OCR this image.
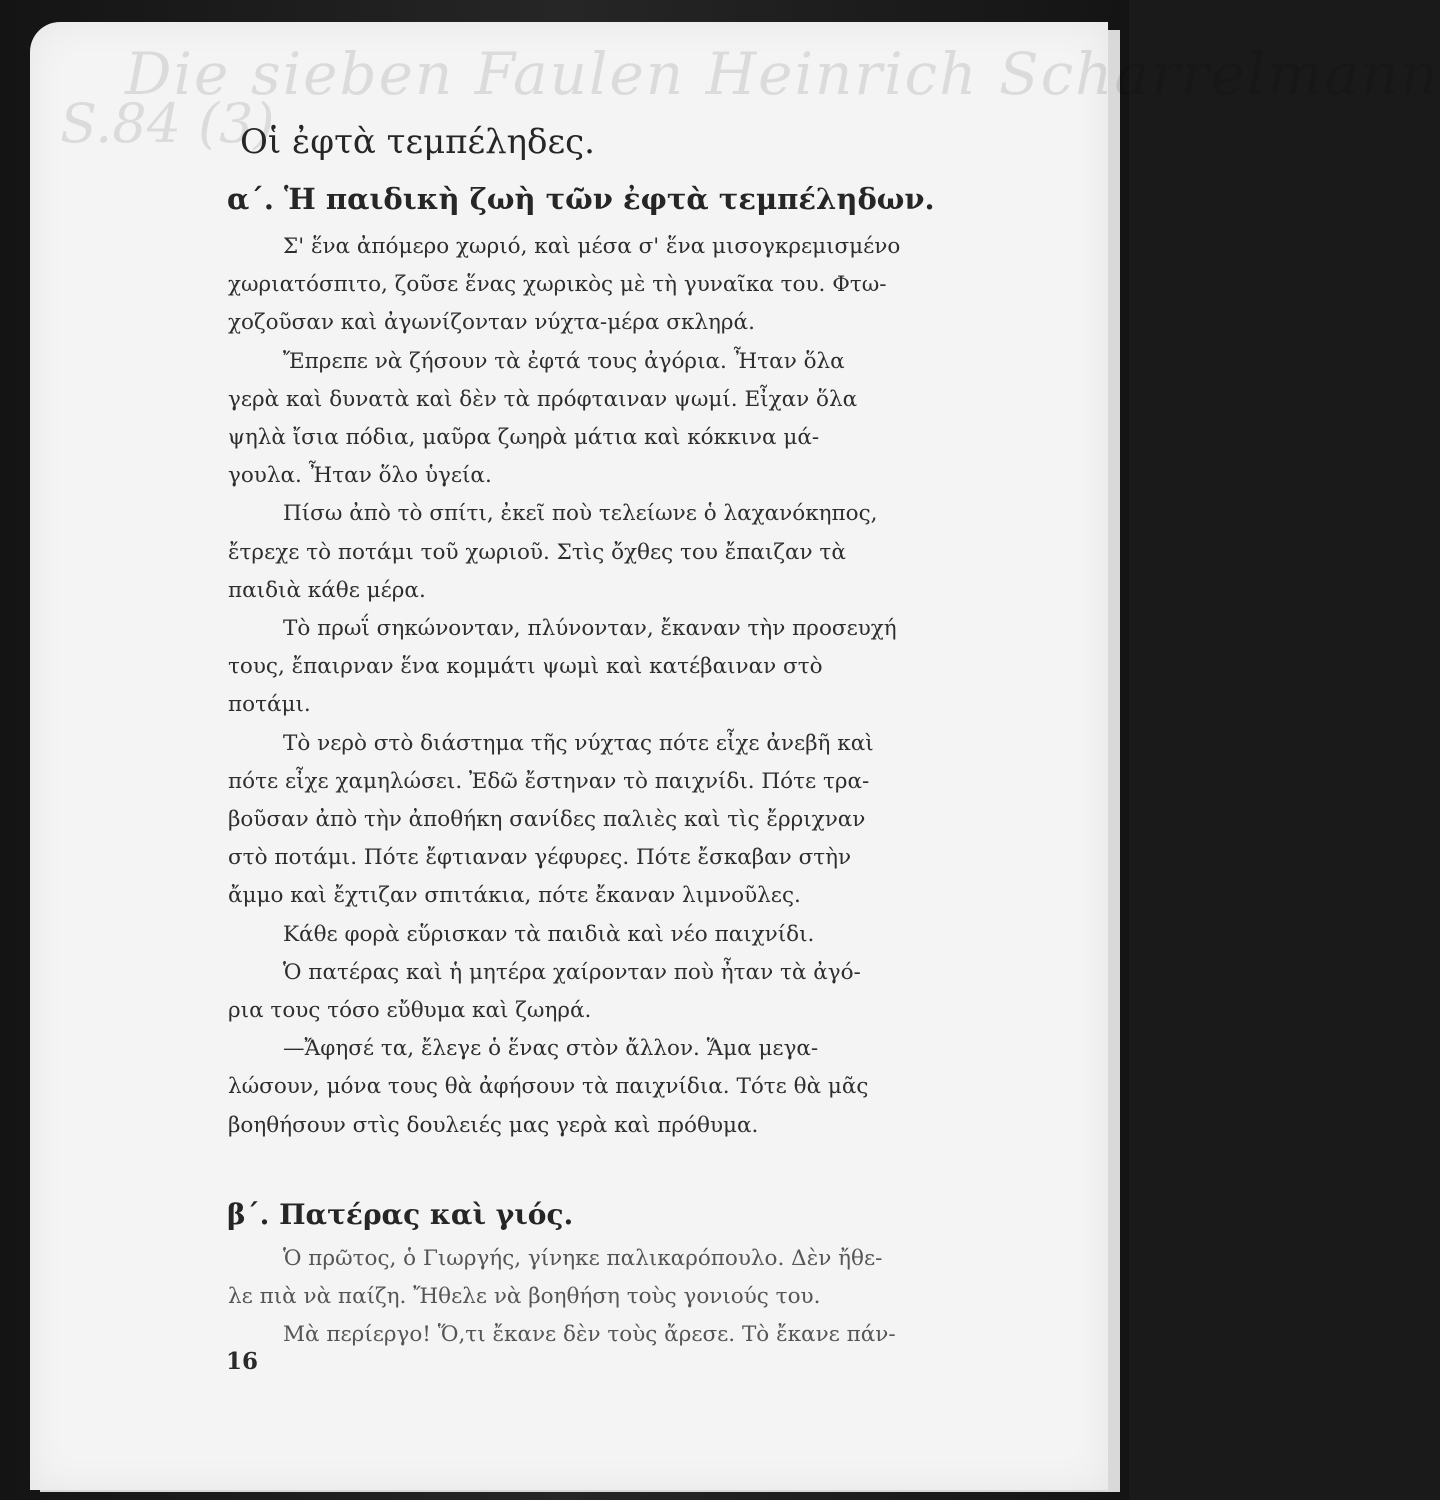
Die sieben Faulen Heinrich Scharrelmann
S.84 (3)
Οἱ ἐφτὰ τεμπέληδες.
α΄. Ἡ παιδικὴ ζωὴ τῶν ἐφτὰ τεμπέληδων.
Σ' ἕνα ἀπόμερο χωριό, καὶ μέσα σ' ἕνα μισογκρεμισμένο
χωριατόσπιτο, ζοῦσε ἕνας χωρικὸς μὲ τὴ γυναῖκα του. Φτω-
χοζοῦσαν καὶ ἀγωνίζονταν νύχτα-μέρα σκληρά.
Ἔπρεπε νὰ ζήσουν τὰ ἐφτά τους ἀγόρια. Ἦταν ὅλα
γερὰ καὶ δυνατὰ καὶ δὲν τὰ πρόφταιναν ψωμί. Εἶχαν ὅλα
ψηλὰ ἴσια πόδια, μαῦρα ζωηρὰ μάτια καὶ κόκκινα μά-
γουλα. Ἦταν ὅλο ὑγεία.
Πίσω ἀπὸ τὸ σπίτι, ἐκεῖ ποὺ τελείωνε ὁ λαχανόκηπος,
ἔτρεχε τὸ ποτάμι τοῦ χωριοῦ. Στὶς ὄχθες του ἔπαιζαν τὰ
παιδιὰ κάθε μέρα.
Τὸ πρωΐ σηκώνονταν, πλύνονταν, ἔκαναν τὴν προσευχή
τους, ἔπαιρναν ἕνα κομμάτι ψωμὶ καὶ κατέβαιναν στὸ
ποτάμι.
Τὸ νερὸ στὸ διάστημα τῆς νύχτας πότε εἶχε ἀνεβῆ καὶ
πότε εἶχε χαμηλώσει. Ἐδῶ ἔστηναν τὸ παιχνίδι. Πότε τρα-
βοῦσαν ἀπὸ τὴν ἀποθήκη σανίδες παλιὲς καὶ τὶς ἔρριχναν
στὸ ποτάμι. Πότε ἔφτιαναν γέφυρες. Πότε ἔσκαβαν στὴν
ἄμμο καὶ ἔχτιζαν σπιτάκια, πότε ἔκαναν λιμνοῦλες.
Κάθε φορὰ εὕρισκαν τὰ παιδιὰ καὶ νέο παιχνίδι.
Ὁ πατέρας καὶ ἡ μητέρα χαίρονταν ποὺ ἦταν τὰ ἀγό-
ρια τους τόσο εὔθυμα καὶ ζωηρά.
—Ἄφησέ τα, ἔλεγε ὁ ἕνας στὸν ἄλλον. Ἅμα μεγα-
λώσουν, μόνα τους θὰ ἀφήσουν τὰ παιχνίδια. Τότε θὰ μᾶς
βοηθήσουν στὶς δουλειές μας γερὰ καὶ πρόθυμα.
β΄. Πατέρας καὶ γιός.
Ὁ πρῶτος, ὁ Γιωργής, γίνηκε παλικαρόπουλο. Δὲν ἤθε-
λε πιὰ νὰ παίζη. Ἤθελε νὰ βοηθήση τοὺς γονιούς του.
Μὰ περίεργο! Ὅ,τι ἔκανε δὲν τοὺς ἄρεσε. Τὸ ἔκανε πάν-
16
